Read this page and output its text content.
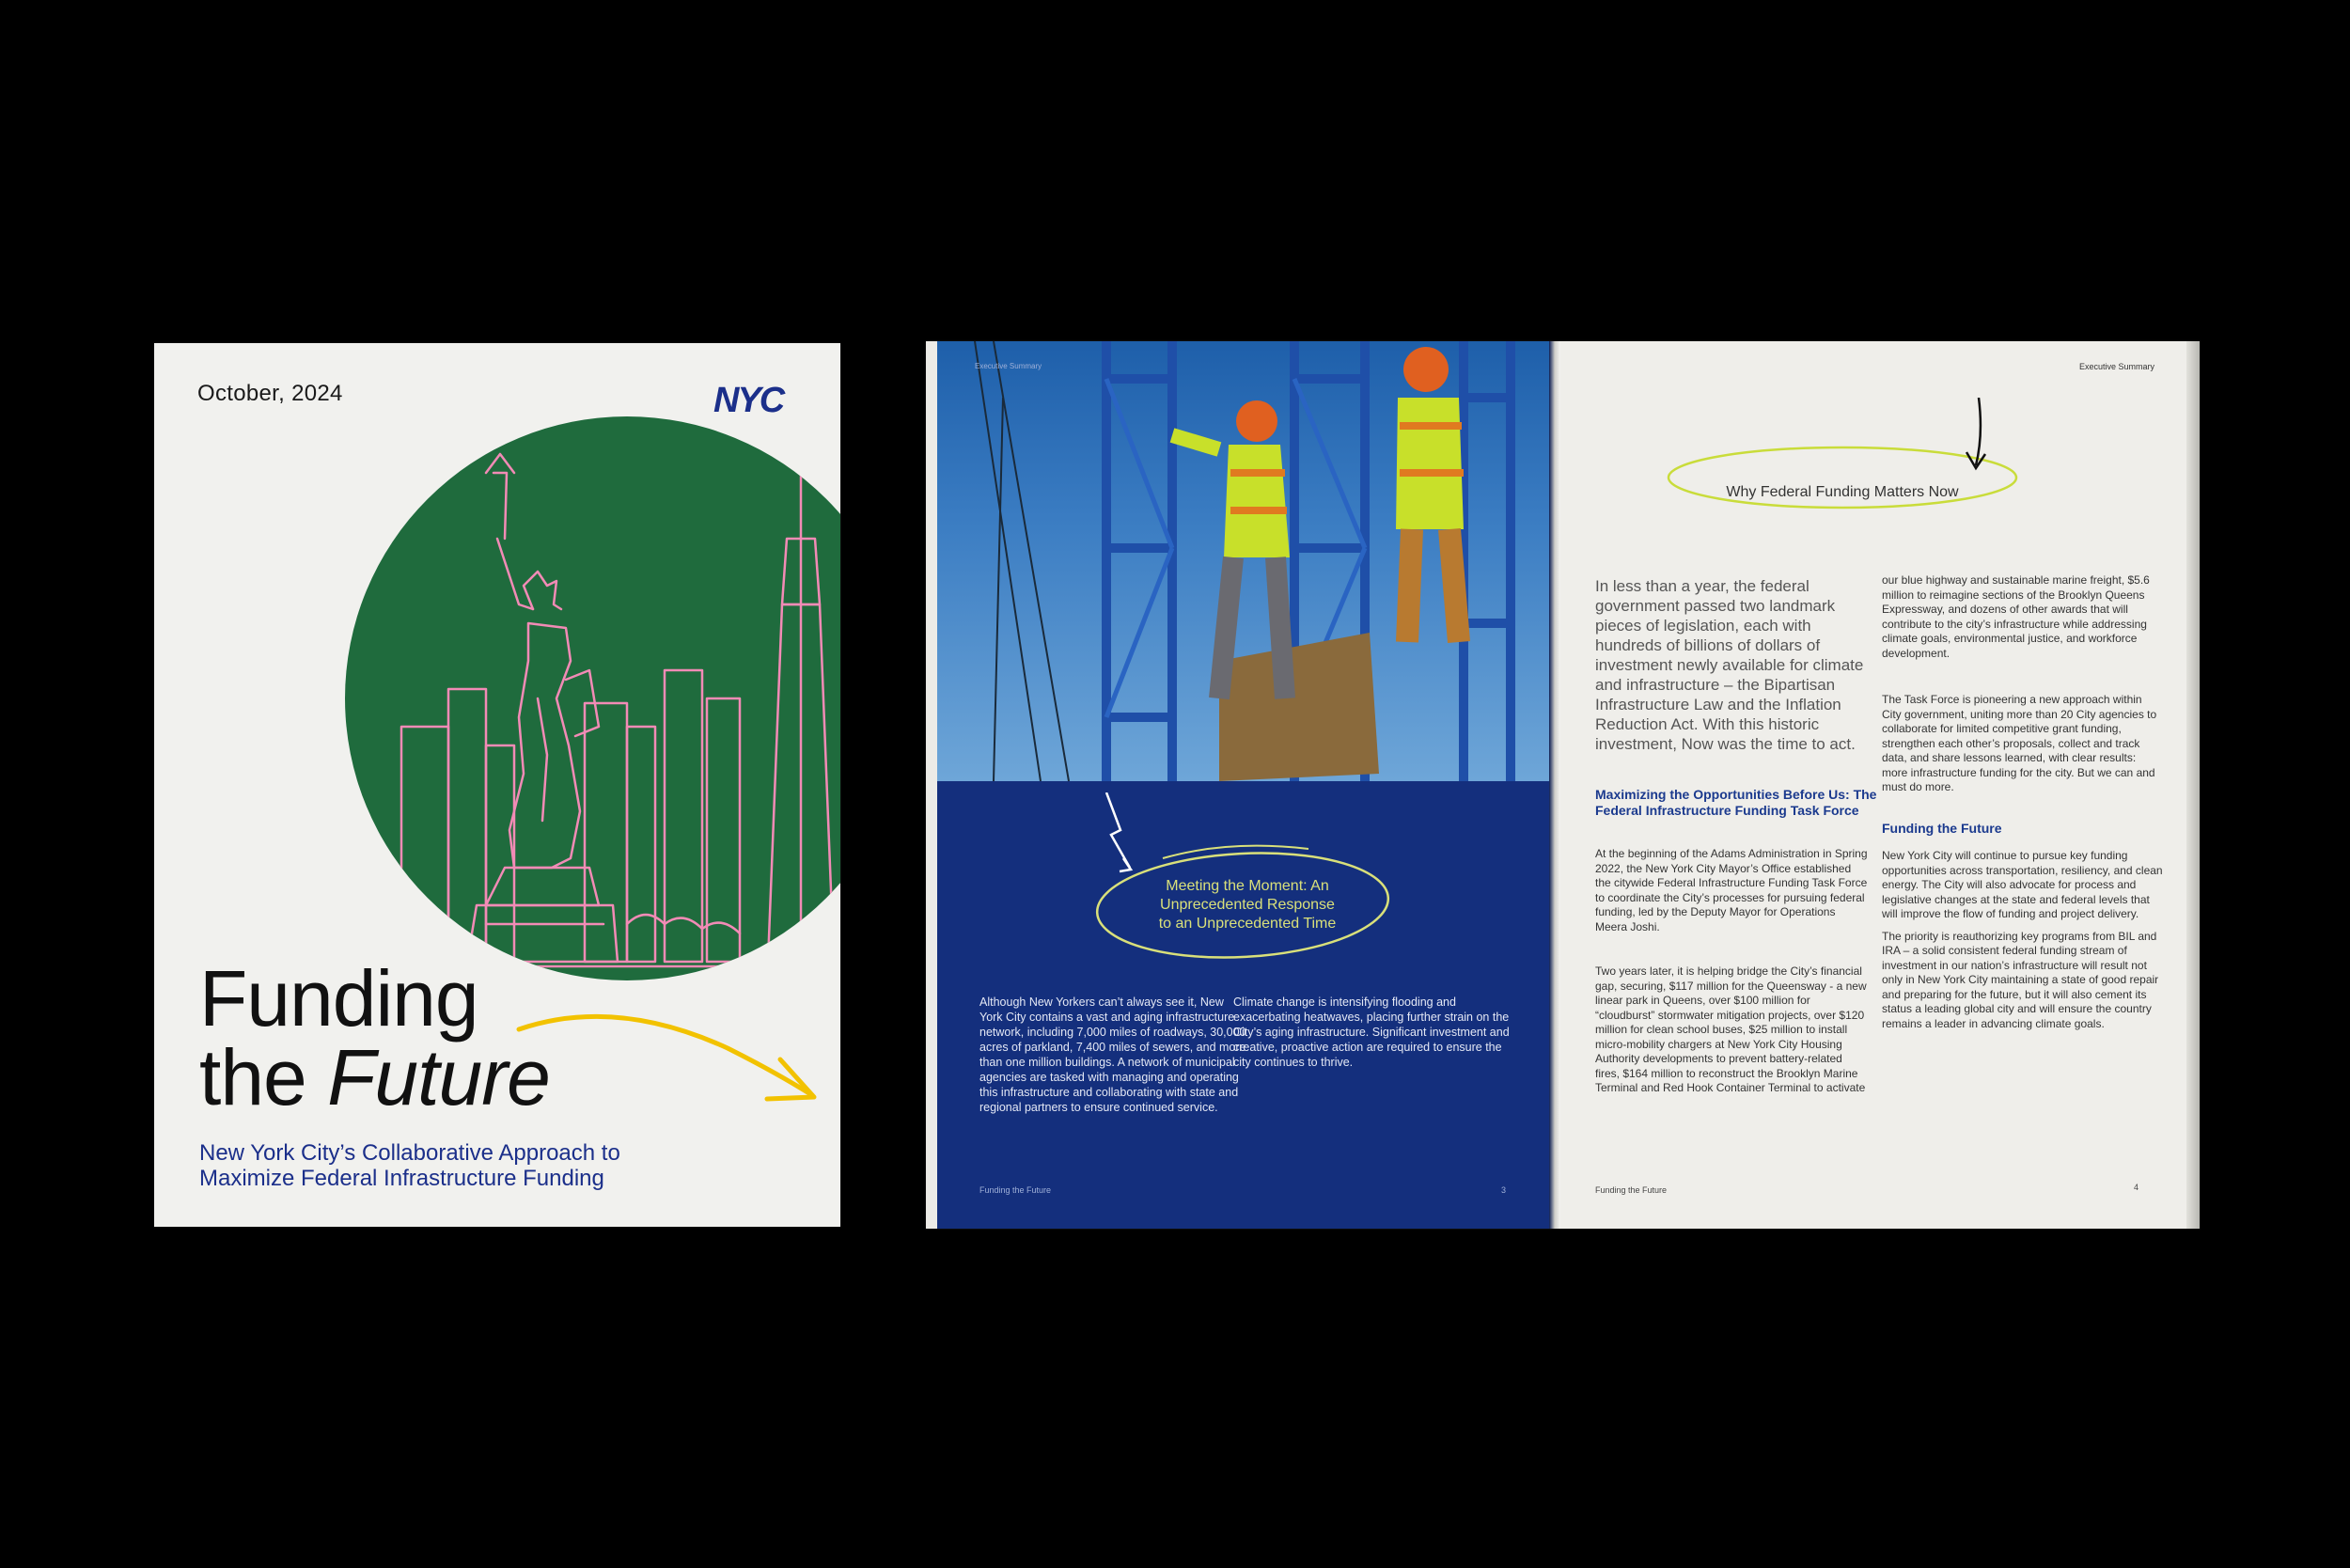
October, 2024	NYC
Funding
the Future
New York City’s Collaborative Approach to
Maximize Federal Infrastructure Funding
Executive Summary
Meeting the Moment: An Unprecedented Response to an Unprecedented Time
Although New Yorkers can’t always see it, New York City contains a vast and aging infrastructure network, including 7,000 miles of roadways, 30,000 acres of parkland, 7,400 miles of sewers, and more than one million buildings. A network of municipal agencies are tasked with managing and operating this infrastructure and collaborating with state and regional partners to ensure continued service.
Climate change is intensifying flooding and exacerbating heatwaves, placing further strain on the City’s aging infrastructure. Significant investment and creative, proactive action are required to ensure the city continues to thrive.
Funding the Future	3
Executive Summary
Why Federal Funding Matters Now
In less than a year, the federal government passed two landmark pieces of legislation, each with hundreds of billions of dollars of investment newly available for climate and infrastructure – the Bipartisan Infrastructure Law and the Inflation Reduction Act. With this historic investment, Now was the time to act.
Maximizing the Opportunities Before Us: The Federal Infrastructure Funding Task Force
At the beginning of the Adams Administration in Spring 2022, the New York City Mayor’s Office established the citywide Federal Infrastructure Funding Task Force to coordinate the City’s processes for pursuing federal funding, led by the Deputy Mayor for Operations Meera Joshi.
Two years later, it is helping bridge the City’s financial gap, securing, $117 million for the Queensway - a new linear park in Queens, over $100 million for “cloudburst” stormwater mitigation projects, over $120 million for clean school buses, $25 million to install micro-mobility chargers at New York City Housing Authority developments to prevent battery-related fires, $164 million to reconstruct the Brooklyn Marine Terminal and Red Hook Container Terminal to activate
our blue highway and sustainable marine freight, $5.6 million to reimagine sections of the Brooklyn Queens Expressway, and dozens of other awards that will contribute to the city’s infrastructure while addressing climate goals, environmental justice, and workforce development.
The Task Force is pioneering a new approach within City government, uniting more than 20 City agencies to collaborate for limited competitive grant funding, strengthen each other’s proposals, collect and track data, and share lessons learned, with clear results: more infrastructure funding for the city. But we can and must do more.
Funding the Future

New York City will continue to pursue key funding opportunities across transportation, resiliency, and clean energy. The City will also advocate for process and legislative changes at the state and federal levels that will improve the flow of funding and project delivery.

The priority is reauthorizing key programs from BIL and IRA – a solid consistent federal funding stream of investment in our nation’s infrastructure will result not only in New York City maintaining a state of good repair and preparing for the future, but it will also cement its status a leading global city and will ensure the country remains a leader in advancing climate goals.

Funding the Future	4
